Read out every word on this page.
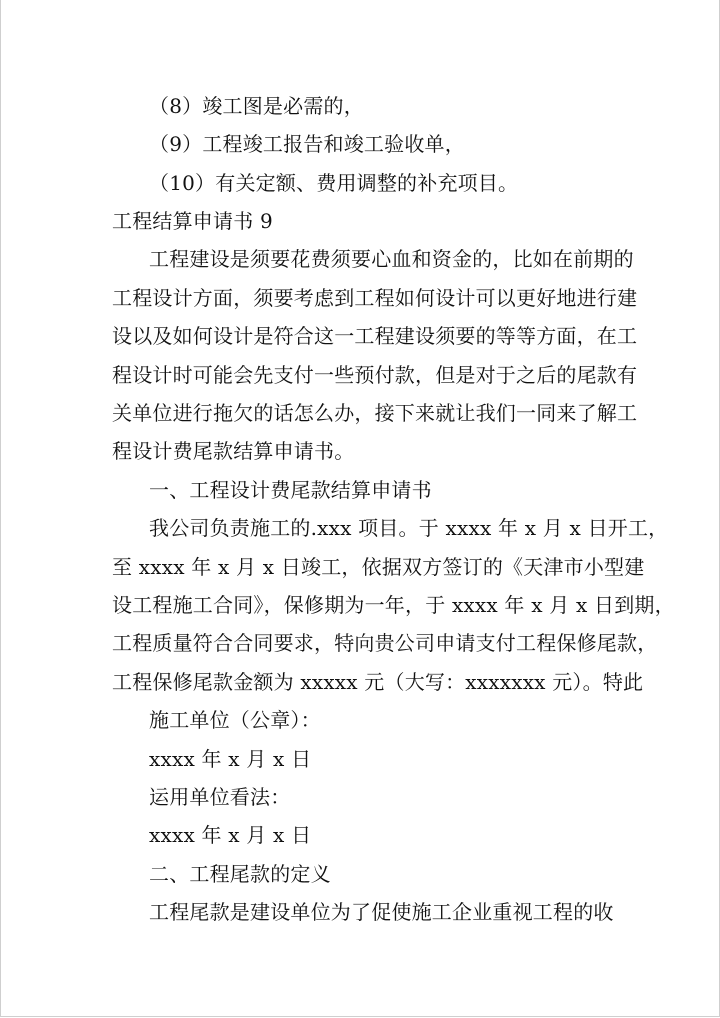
（8）竣工图是必需的，
（9）工程竣工报告和竣工验收单，
（10）有关定额、费用调整的补充项目。
工程结算申请书 9
工程建设是须要花费须要心血和资金的，比如在前期的
工程设计方面，须要考虑到工程如何设计可以更好地进行建
设以及如何设计是符合这一工程建设须要的等等方面，在工
程设计时可能会先支付一些预付款，但是对于之后的尾款有
关单位进行拖欠的话怎么办，接下来就让我们一同来了解工
程设计费尾款结算申请书。
一、工程设计费尾款结算申请书
我公司负责施工的.xxx 项目。于 xxxx 年 x 月 x 日开工，
至 xxxx 年 x 月 x 日竣工，依据双方签订的《天津市小型建
设工程施工合同》，保修期为一年，于 xxxx 年 x 月 x 日到期，
工程质量符合合同要求，特向贵公司申请支付工程保修尾款，
工程保修尾款金额为 xxxxx 元（大写：xxxxxxx 元）。特此
施工单位（公章）：
xxxx 年 x 月 x 日
运用单位看法：
xxxx 年 x 月 x 日
二、工程尾款的定义
工程尾款是建设单位为了促使施工企业重视工程的收
